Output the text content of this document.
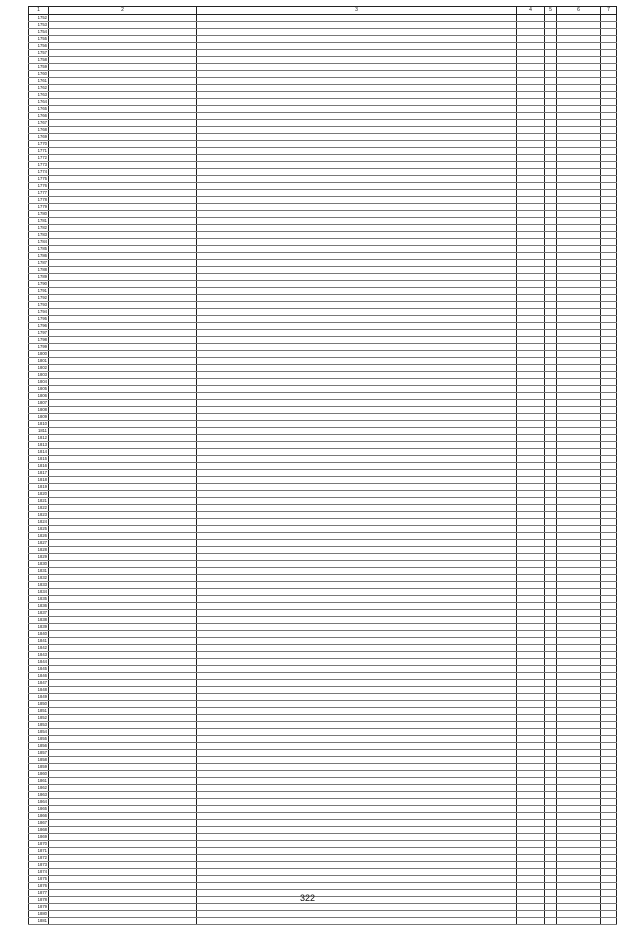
1	2	3	4	5	6	7
1752						
1753						
1754						
1755						
1756						
1757						
1758						
1759						
1760						
1761						
1762						
1763						
1764						
1765						
1766						
1767						
1768						
1769						
1770						
1771						
1772						
1773						
1774						
1775						
1776						
1777						
1778						
1779						
1780						
1781						
1782						
1783						
1784						
1785						
1786						
1787						
1788						
1789						
1790						
1791						
1792						
1793						
1794						
1795						
1796						
1797						
1798						
1799						
1800						
1801						
1802						
1803						
1804						
1805						
1806						
1807						
1808						
1809						
1810						
1811						
1812						
1813						
1814						
1815						
1816						
1817						
1818						
1819						
1820						
1821						
1822						
1823						
1824						
1825						
1826						
1827						
1828						
1829						
1830						
1831						
1832						
1833						
1834						
1835						
1836						
1837						
1838						
1839						
1840						
1841						
1842						
1843						
1844						
1845						
1846						
1847						
1848						
1849						
1850						
1851						
1852						
1853						
1854						
1855						
1856						
1857						
1858						
1859						
1860						
1861						
1862						
1863						
1864						
1865						
1866						
1867						
1868						
1869						
1870						
1871						
1872						
1873						
1874						
1875						
1876						
1877						
1878						
1879						
1880						
1881						
322
